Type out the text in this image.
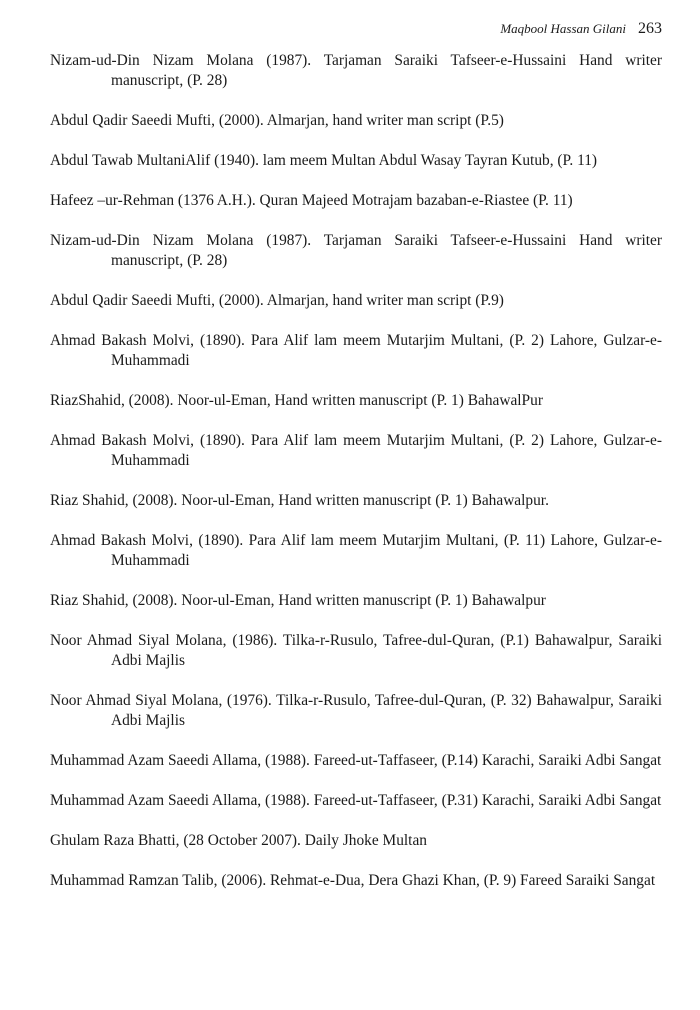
Maqbool Hassan Gilani 263
Nizam-ud-Din Nizam Molana (1987). Tarjaman Saraiki Tafseer-e-Hussaini Hand writer manuscript, (P. 28)
Abdul Qadir Saeedi Mufti, (2000). Almarjan, hand writer man script (P.5)
Abdul Tawab MultaniAlif (1940). lam meem Multan Abdul Wasay Tayran Kutub, (P. 11)
Hafeez –ur-Rehman (1376 A.H.). Quran Majeed Motrajam bazaban-e-Riastee (P. 11)
Nizam-ud-Din Nizam Molana (1987). Tarjaman Saraiki Tafseer-e-Hussaini Hand writer manuscript, (P. 28)
Abdul Qadir Saeedi Mufti, (2000). Almarjan, hand writer man script (P.9)
Ahmad Bakash Molvi, (1890). Para Alif lam meem Mutarjim Multani, (P. 2) Lahore, Gulzar-e-Muhammadi
RiazShahid, (2008). Noor-ul-Eman, Hand written manuscript (P. 1) BahawalPur
Ahmad Bakash Molvi, (1890). Para Alif lam meem Mutarjim Multani, (P. 2) Lahore, Gulzar-e-Muhammadi
Riaz Shahid, (2008). Noor-ul-Eman, Hand written manuscript (P. 1) Bahawalpur.
Ahmad Bakash Molvi, (1890). Para Alif lam meem Mutarjim Multani, (P. 11) Lahore, Gulzar-e-Muhammadi
Riaz Shahid, (2008). Noor-ul-Eman, Hand written manuscript (P. 1) Bahawalpur
Noor Ahmad Siyal Molana, (1986). Tilka-r-Rusulo, Tafree-dul-Quran, (P.1) Bahawalpur, Saraiki Adbi Majlis
Noor Ahmad Siyal Molana, (1976). Tilka-r-Rusulo, Tafree-dul-Quran, (P. 32) Bahawalpur, Saraiki Adbi Majlis
Muhammad Azam Saeedi Allama, (1988). Fareed-ut-Taffaseer, (P.14) Karachi, Saraiki Adbi Sangat
Muhammad Azam Saeedi Allama, (1988). Fareed-ut-Taffaseer, (P.31) Karachi, Saraiki Adbi Sangat
Ghulam Raza Bhatti, (28 October 2007). Daily Jhoke Multan
Muhammad Ramzan Talib, (2006). Rehmat-e-Dua, Dera Ghazi Khan, (P. 9) Fareed Saraiki Sangat
